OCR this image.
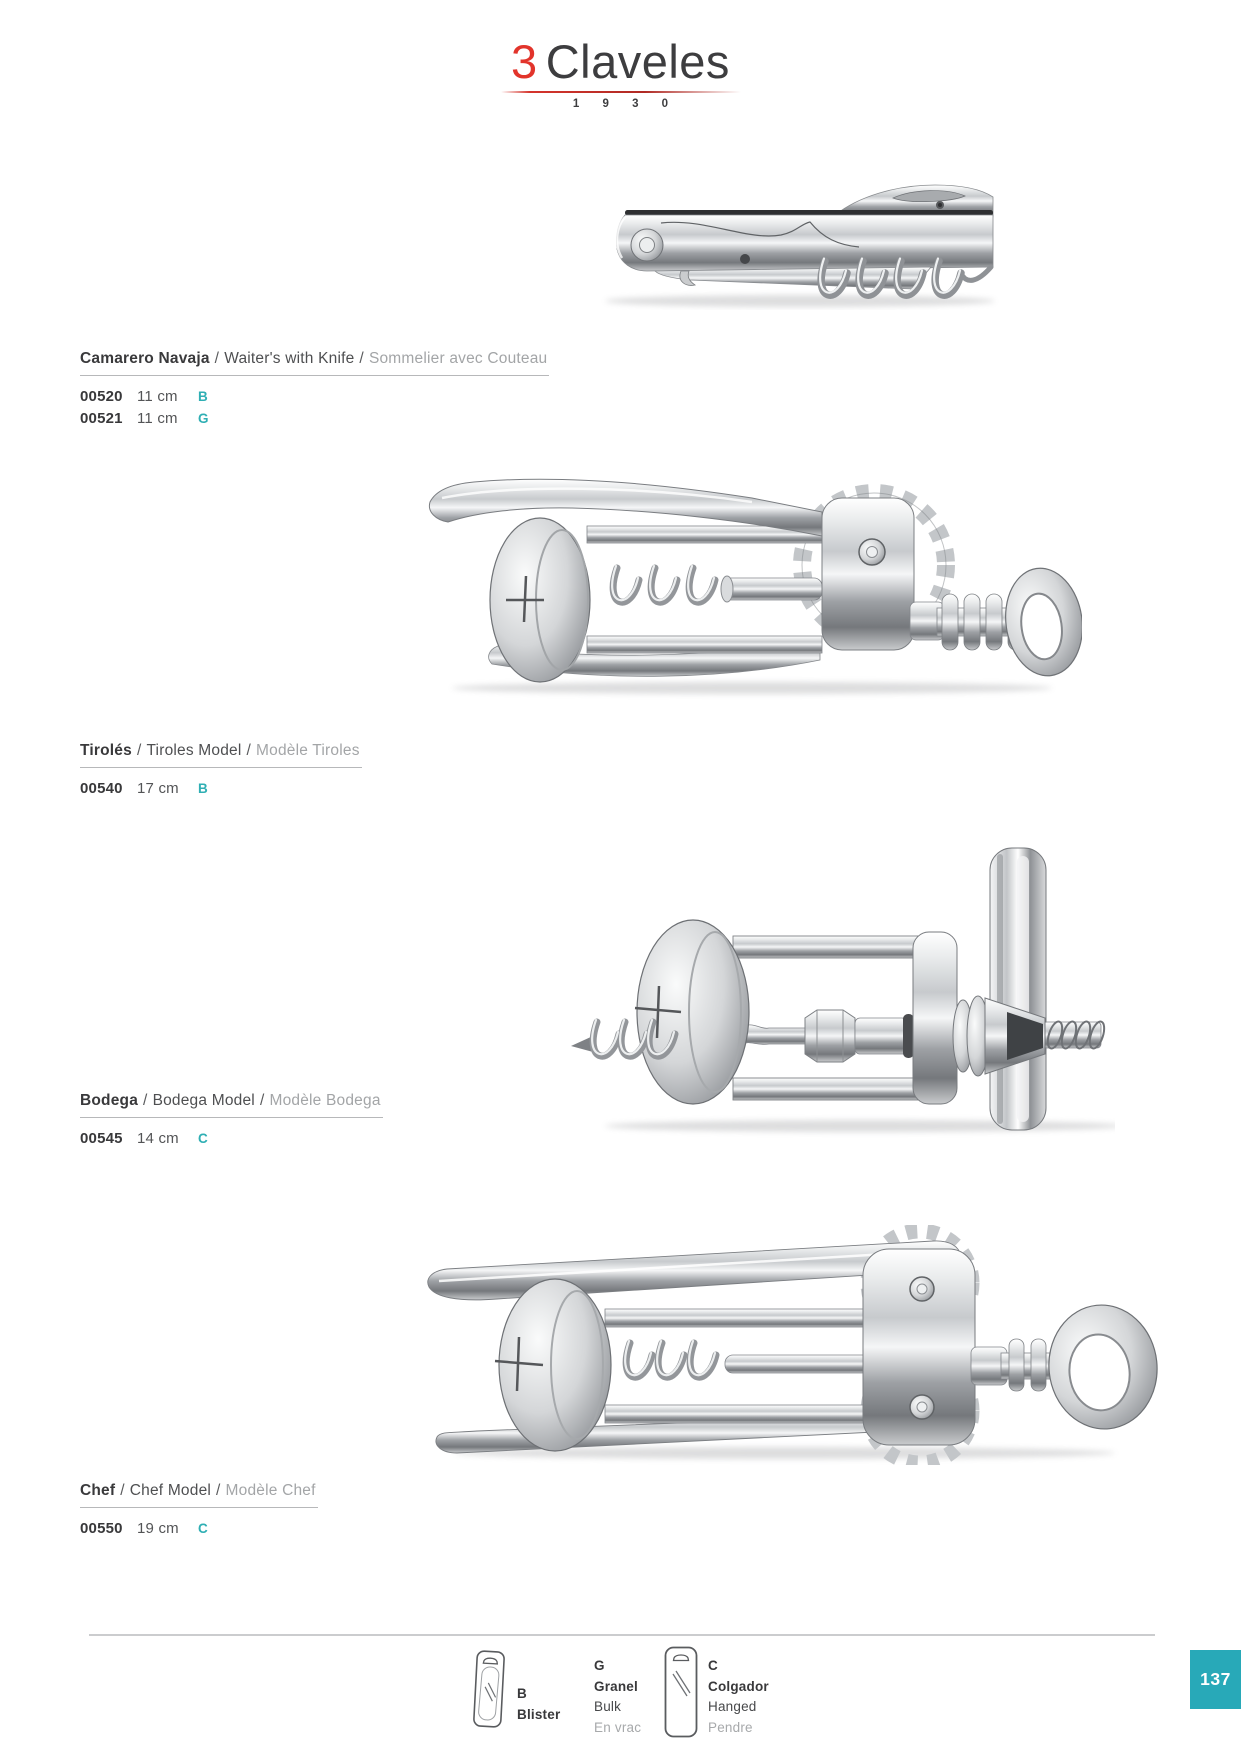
3 Claveles
1 9 3 0
Camarero Navaja / Waiter's with Knife / Sommelier avec Couteau
00520 11 cm	B
00521 11 cm	G
Tirolés / Tiroles Model / Modèle Tiroles
00540 17 cm	B
Bodega / Bodega Model / Modèle Bodega
00545 14 cm	C
Chef / Chef Model / Modèle Chef
00550 19 cm	C
B
Blister
G
Granel
Bulk
En vrac
C
Colgador
Hanged
Pendre
137
